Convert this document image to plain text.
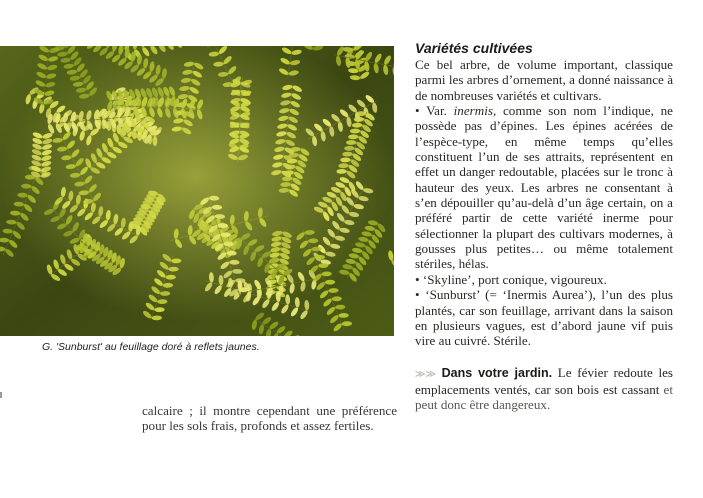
G. 'Sunburst' au feuillage doré à reflets jaunes.
Variétés cultivées

Ce bel arbre, de volume important, classique parmi les arbres d’ornement, a donné naissance à de nombreuses variétés et cultivars.

• Var. inermis, comme son nom l’indique, ne possède pas d’épines. Les épines acérées de l’espèce-type, en même temps qu’elles constituent l’un de ses attraits, représentent en effet un danger redoutable, placées sur le tronc à hauteur des yeux. Les arbres ne consentant à s’en dépouiller qu’au-delà d’un âge certain, on a préféré partir de cette variété inerme pour sélectionner la plupart des cultivars modernes, à gousses plus petites… ou même totalement stériles, hélas.

• ‘Skyline’, port conique, vigoureux.

• ‘Sunburst’ (= ‘Inermis Aurea’), l’un des plus plantés, car son feuillage, arrivant dans la saison en plusieurs vagues, est d’abord jaune vif puis vire au cuivré. Stérile.

≫≫ Dans votre jardin. Le févier redoute les emplacements ventés, car son bois est cassant et peut donc être dangereux.

calcaire ; il montre cependant une préférence pour les sols frais, profonds et assez fertiles.
